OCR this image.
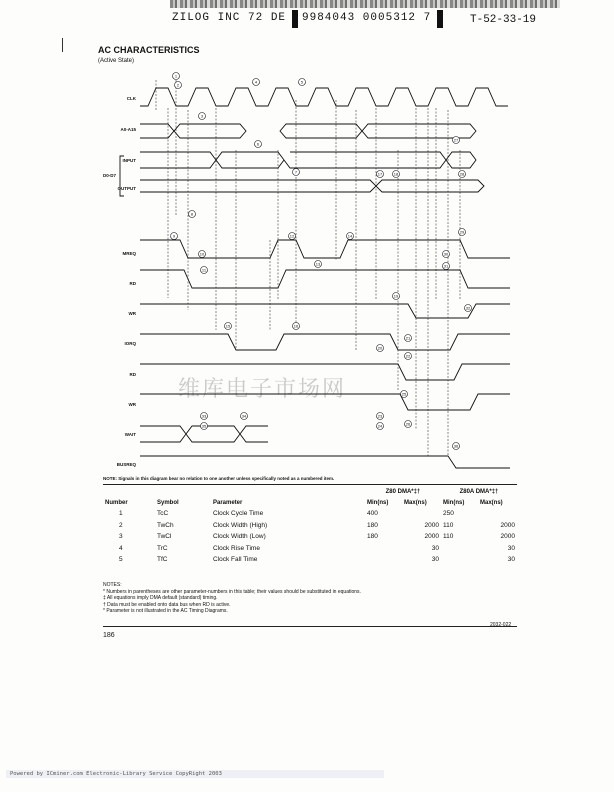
ZILOG INC 72 DE 9984043 0005312 7	T-52-33-19
AC CHARACTERISTICS
(Active State)
维库电子市场网
CLK
A0-A15
INPUT
D0-D7
OUTPUT
MREQ
RD
WR
IORQ
RD
WR
WAIT
BUSREQ
1
2
3
4	5
6
7
8
9
10
11
12
13
14
15	16
17	18
19
20
21
22
23
24
25
26
27
28
29
30
31
32
33	34
35
36
NOTE: Signals in this diagram bear no relation to one another unless specifically noted as a numbered item.
			Z80 DMA*‡†		Z80A DMA*‡†	
Number	Symbol	Parameter	Min(ns)	Max(ns)	Min(ns)	Max(ns)
1	TcC	Clock Cycle Time	400		250	
2	TwCh	Clock Width (High)	180	2000	110	2000
3	TwCl	Clock Width (Low)	180	2000	110	2000
4	TrC	Clock Rise Time		30		30
5	TfC	Clock Fall Time		30		30
NOTES:
* Numbers in parentheses are other parameter-numbers in this table; their values should be substituted in equations.
‡ All equations imply DMA default (standard) timing.
† Data must be enabled onto data bus when RD is active.
* Parameter is not illustrated in the AC Timing Diagrams.
2032-022
186
Powered by ICminer.com Electronic-Library Service CopyRight 2003
